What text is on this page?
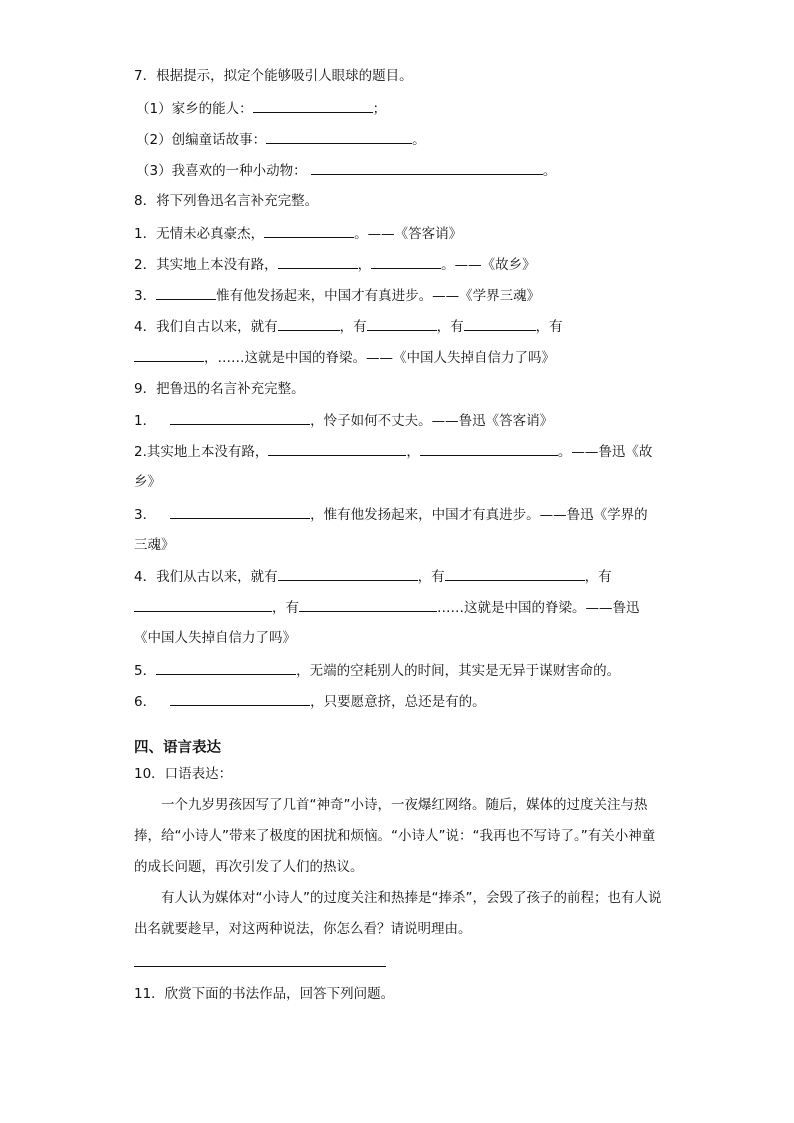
7．根据提示，拟定个能够吸引人眼球的题目。
（1）家乡的能人：	；
（2）创编童话故事：	。
（3）我喜欢的一种小动物：	。
8．将下列鲁迅名言补充完整。
1．无情未必真豪杰，	。——《答客诮》
2．其实地上本没有路，	，	。——《故乡》
3．	惟有他发扬起来，中国才有真进步。——《学界三魂》
4．我们自古以来，就有	，有	，有	，有
，……这就是中国的脊梁。——《中国人失掉自信力了吗》
9．把鲁迅的名言补充完整。
1．	，怜子如何不丈夫。——鲁迅《答客诮》
2.其实地上本没有路，	，	。——鲁迅《故
乡》
3．	，惟有他发扬起来，中国才有真进步。——鲁迅《学界的
三魂》
4．我们从古以来，就有	，有	，有
，有	……这就是中国的脊梁。——鲁迅
《中国人失掉自信力了吗》
5．	，无端的空耗别人的时间，其实是无异于谋财害命的。
6．	，只要愿意挤，总还是有的。
四、语言表达
10．口语表达：
一个九岁男孩因写了几首“神奇”小诗，一夜爆红网络。随后，媒体的过度关注与热捧，给“小诗人”带来了极度的困扰和烦恼。“小诗人”说：“我再也不写诗了。”有关小神童的成长问题，再次引发了人们的热议。
有人认为媒体对“小诗人”的过度关注和热捧是“捧杀”，会毁了孩子的前程；也有人说出名就要趁早，对这两种说法，你怎么看？请说明理由。
11．欣赏下面的书法作品，回答下列问题。
